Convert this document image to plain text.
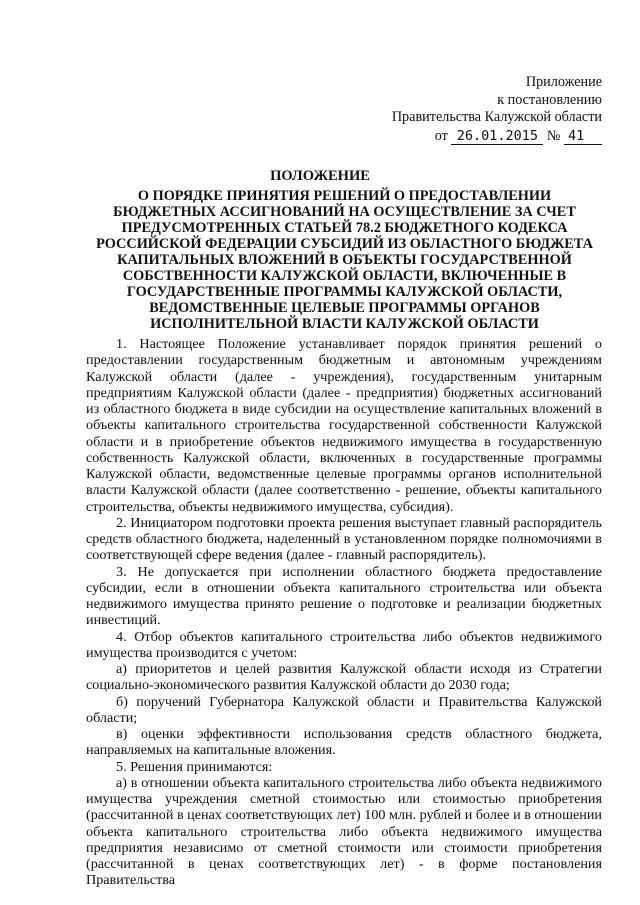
Приложение
к постановлению
Правительства Калужской области
от 26.01.2015 № 41
ПОЛОЖЕНИЕ
О ПОРЯДКЕ ПРИНЯТИЯ РЕШЕНИЙ О ПРЕДОСТАВЛЕНИИ БЮДЖЕТНЫХ АССИГНОВАНИЙ НА ОСУЩЕСТВЛЕНИЕ ЗА СЧЕТ ПРЕДУСМОТРЕННЫХ СТАТЬЕЙ 78.2 БЮДЖЕТНОГО КОДЕКСА РОССИЙСКОЙ ФЕДЕРАЦИИ СУБСИДИЙ ИЗ ОБЛАСТНОГО БЮДЖЕТА КАПИТАЛЬНЫХ ВЛОЖЕНИЙ В ОБЪЕКТЫ ГОСУДАРСТВЕННОЙ СОБСТВЕННОСТИ КАЛУЖСКОЙ ОБЛАСТИ, ВКЛЮЧЕННЫЕ В ГОСУДАРСТВЕННЫЕ ПРОГРАММЫ КАЛУЖСКОЙ ОБЛАСТИ, ВЕДОМСТВЕННЫЕ ЦЕЛЕВЫЕ ПРОГРАММЫ ОРГАНОВ ИСПОЛНИТЕЛЬНОЙ ВЛАСТИ КАЛУЖСКОЙ ОБЛАСТИ

1. Настоящее Положение устанавливает порядок принятия решений о предоставлении государственным бюджетным и автономным учреждениям Калужской области (далее - учреждения), государственным унитарным предприятиям Калужской области (далее - предприятия) бюджетных ассигнований из областного бюджета в виде субсидии на осуществление капитальных вложений в объекты капитального строительства государственной собственности Калужской области и в приобретение объектов недвижимого имущества в государственную собственность Калужской области, включенных в государственные программы Калужской области, ведомственные целевые программы органов исполнительной власти Калужской области (далее соответственно - решение, объекты капитального строительства, объекты недвижимого имущества, субсидия).

2. Инициатором подготовки проекта решения выступает главный распорядитель средств областного бюджета, наделенный в установленном порядке полномочиями в соответствующей сфере ведения (далее - главный распорядитель).

3. Не допускается при исполнении областного бюджета предоставление субсидии, если в отношении объекта капитального строительства или объекта недвижимого имущества принято решение о подготовке и реализации бюджетных инвестиций.

4. Отбор объектов капитального строительства либо объектов недвижимого имущества производится с учетом:

а) приоритетов и целей развития Калужской области исходя из Стратегии социально-экономического развития Калужской области до 2030 года;

б) поручений Губернатора Калужской области и Правительства Калужской области;

в) оценки эффективности использования средств областного бюджета, направляемых на капитальные вложения.

5. Решения принимаются:

а) в отношении объекта капитального строительства либо объекта недвижимого имущества учреждения сметной стоимостью или стоимостью приобретения (рассчитанной в ценах соответствующих лет) 100 млн. рублей и более и в отношении объекта капитального строительства либо объекта недвижимого имущества предприятия независимо от сметной стоимости или стоимости приобретения (рассчитанной в ценах соответствующих лет) - в форме постановления Правительства
